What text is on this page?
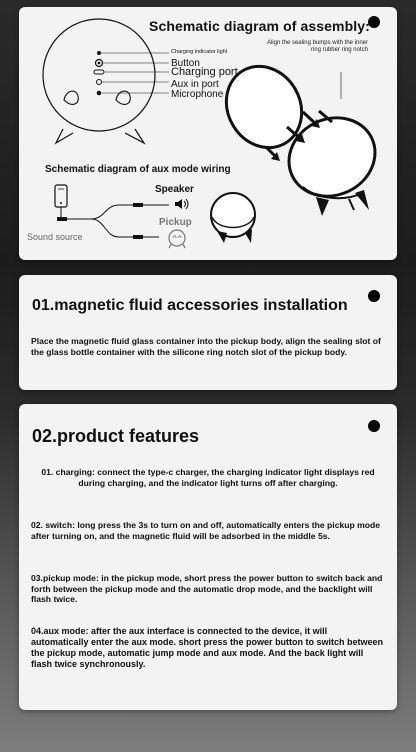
Schematic diagram of assembly:
Align the sealing bumps with the inner ring rubber ring notch
Charging indicator light
Button
Charging port
Aux in port
Microphone
Schematic diagram of aux mode wiring
Speaker
Pickup
Sound source
01.magnetic fluid accessories installation
Place the magnetic fluid glass container into the pickup body, align the sealing slot of the glass bottle container with the silicone ring notch slot of the pickup body.
02.product features
01. charging: connect the type-c charger, the charging indicator light displays red during charging, and the indicator light turns off after charging.
02. switch: long press the 3s to turn on and off, automatically enters the pickup mode after turning on, and the magnetic fluid will be adsorbed in the middle 5s.
03.pickup mode: in the pickup mode, short press the power button to switch back and forth between the pickup mode and the automatic drop mode, and the backlight will flash twice.
04.aux mode: after the aux interface is connected to the device, it will automatically enter the aux mode. short press the power button to switch between the pickup mode, automatic jump mode and aux mode. And the back light will flash twice synchronously.
